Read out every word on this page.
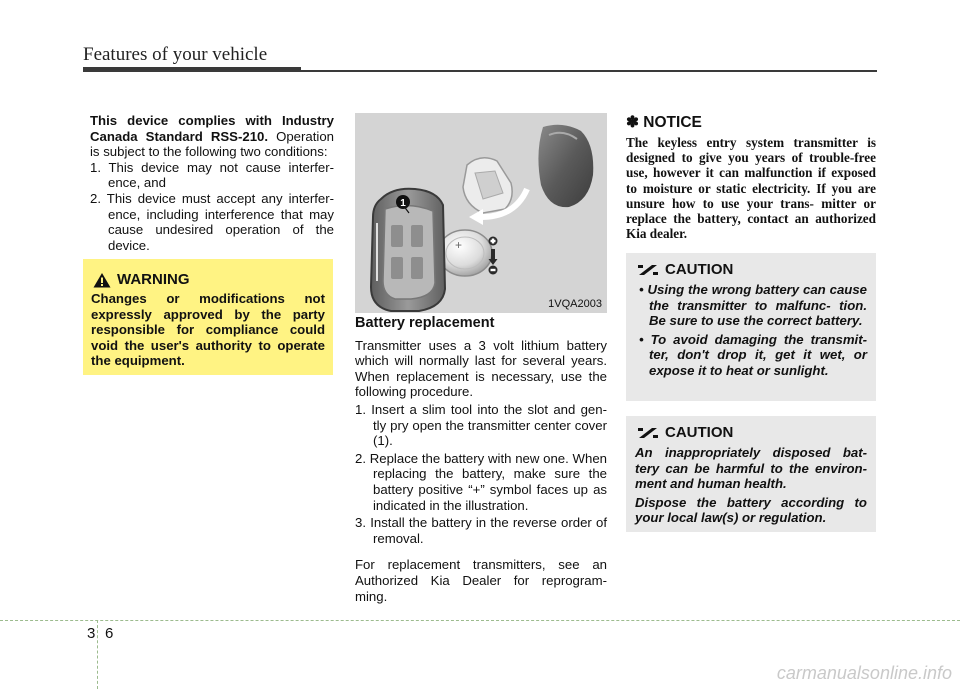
Features of your vehicle

This device complies with Industry Canada Standard RSS-210. Operation is subject to the following two conditions:

1. This device may not cause interfer- ence, and

2. This device must accept any interfer- ence, including interference that may cause undesired operation of the device.

WARNING
Changes or modifications not expressly approved by the party responsible for compliance could void the user's authority to operate the equipment.
+
1
1VQA2003
Battery replacement

Transmitter uses a 3 volt lithium battery which will normally last for several years. When replacement is necessary, use the following procedure.

1. Insert a slim tool into the slot and gen- tly pry open the transmitter center cover (1).

2. Replace the battery with new one. When replacing the battery, make sure the battery positive “+” symbol faces up as indicated in the illustration.

3. Install the battery in the reverse order of removal.

For replacement transmitters, see an Authorized Kia Dealer for reprogram- ming.

✽ NOTICE

The keyless entry system transmitter is designed to give you years of trouble-free use, however it can malfunction if exposed to moisture or static electricity. If you are unsure how to use your trans- mitter or replace the battery, contact an authorized Kia dealer.

CAUTION

• Using the wrong battery can cause the transmitter to malfunc- tion. Be sure to use the correct battery.

• To avoid damaging the transmit- ter, don't drop it, get it wet, or expose it to heat or sunlight.

CAUTION

An inappropriately disposed bat- tery can be harmful to the environ- ment and human health.

Dispose the battery according to your local law(s) or regulation.

3 6
carmanualsonline.info
